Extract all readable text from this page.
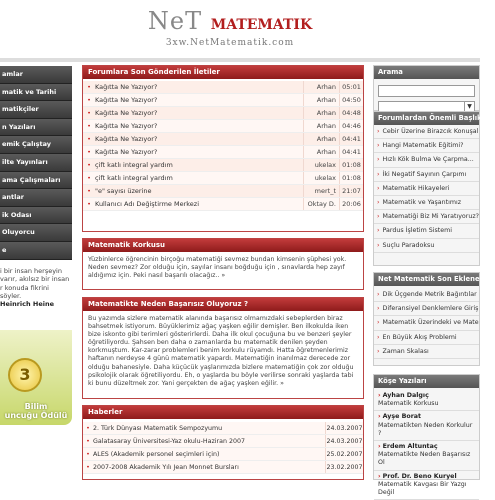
NeT MATEMATIK
3xw.NetMatematik.com
amlar
matik ve Tarihi
matikçiler
n Yazıları
emik Çalıştay
ilte Yayınları
ama Çalışmaları
antlar
ik Odası
Oluyorcu
e
i bir insan herşeyin
varır, akılsız bir insan
r konuda fikrini söyler.
Heinrich Heine
3
Bilim
uncuğu Ödülü
Forumlara Son Gönderilen İletiler
• Kağıtta Ne Yazıyor?	Arhan 05:01
• Kağıtta Ne Yazıyor?	Arhan 04:50
• Kağıtta Ne Yazıyor?	Arhan 04:48
• Kağıtta Ne Yazıyor?	Arhan 04:46
• Kağıtta Ne Yazıyor?	Arhan 04:41
• Kağıtta Ne Yazıyor?	Arhan 04:41
• çift katlı integral yardım	ukelax 01:08
• çift katlı integral yardım	ukelax 01:08
• "e" sayısı üzerine	mert_t 21:07
• Kullanıcı Adı Değiştirme Merkezi	Oktay D. 20:06
Matematik Korkusu
Yüzbinlerce öğrencinin birçoğu matematiği sevmez bundan kimsenin şüphesi yok. Neden sevmez? Zor olduğu için, sayılar insanı boğduğu için , sınavlarda hep zayıf aldığımız için. Peki nasıl başarılı olacağız.. »
Matematikte Neden Başarısız Oluyoruz ?
Bu yazımda sizlere matematik alanında başarısız olmamızdaki sebeplerden biraz bahsetmek istiyorum. Büyüklerimiz ağaç yaşken eğilir demişler. Ben ilkokulda iken bize iskonto gibi terimleri gösterirlerdi. Daha ilk okul çocuğuna bu ve benzeri şeyler öğretiliyordu. Şahsen ben daha o zamanlarda bu matematik denilen şeyden korkmuştum. Kar-zarar problemleri benim korkulu rüyamdı. Hatta öğretmenlerimiz haftanın nerdeyse 4 günü matematik yapardı. Matematiğin inanılmaz derecede zor olduğu bahanesiyle. Daha küçücük yaşlarımızda bizlere matematiğin çok zor olduğu psikolojik olarak öğretiliyordu. Eh, o yaşlarda bu böyle verilirse sonraki yaşlarda tabi ki bunu düzeltmek zor. Yani gerçekten de ağaç yaşken eğilir. »
Haberler
• 2. Türk Dünyası Matematik Sempozyumu	24.03.2007
• Galatasaray Üniversitesi-Yaz okulu-Haziran 2007	24.03.2007
• ALES (Akademik personel seçimleri için)	25.02.2007
• 2007-2008 Akademik Yılı Jean Monnet Bursları	23.02.2007
Arama
▼
Forumlardan Önemli Başlıklar
› Cebir Üzerine Birazcık Konuşal
› Hangi Matematik Eğitimi?
› Hızlı Kök Bulma Ve Çarpma...
› İki Negatif Sayının Çarpımı
› Matematik Hikayeleri
› Matematik ve Yaşantımız
› Matematiği Biz Mi Yaratıyoruz?
› Pardus İşletim Sistemi
› Suçlu Paradoksu
Net Matematik Son Eklenenler
› Dik Üçgende Metrik Bağıntılar
› Diferansiyel Denklemlere Giriş
› Matematik Üzerindeki ve Mate
› En Büyük Akış Problemi
› Zaman Skalası
Köşe Yazıları
› Ayhan Dalgıç
Matematik Korkusu
› Ayşe Borat
Matematikten Neden Korkulur ?
› Erdem Altuntaç
Matematikte Neden Başarısız Ol
› Prof. Dr. Beno Kuryel
Matematik Kavgası Bir Yazgı Değil
